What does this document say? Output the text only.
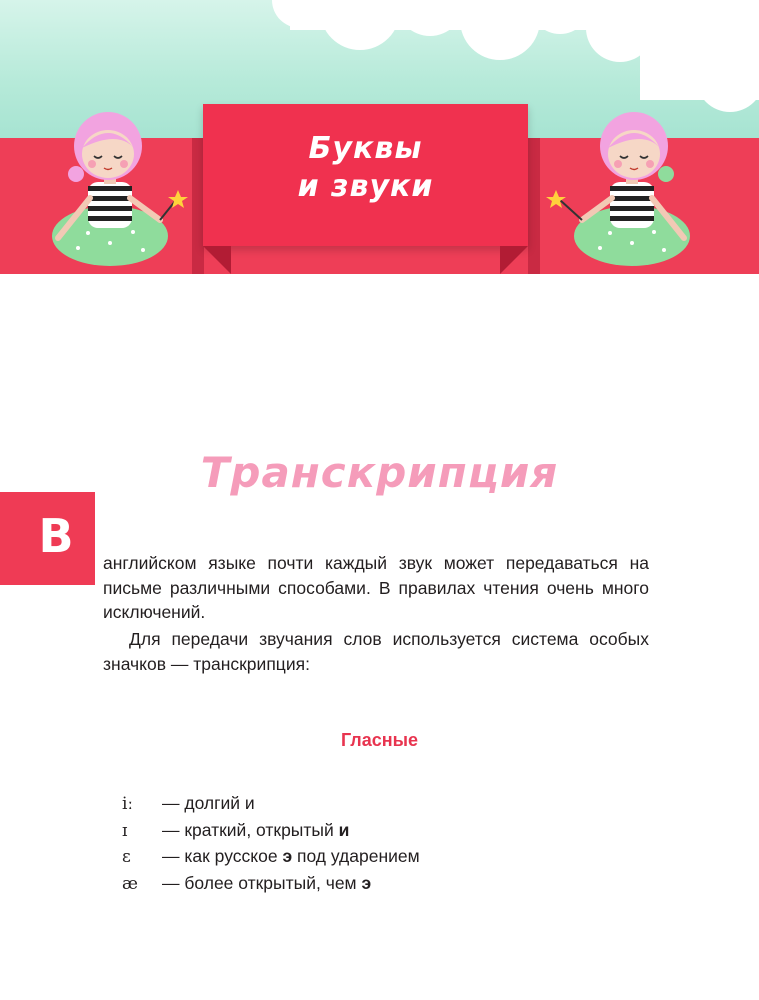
Буквы
и звуки
Транскрипция
В	английском языке почти каждый звук может передаваться на письме различными способами. В правилах чтения очень много исключений.

Для передачи звучания слов используется система особых значков — транскрипция:

Гласные
iː — долгий и
ɪ — краткий, открытый и
ɛ — как русское э под ударением
æ — более открытый, чем э
